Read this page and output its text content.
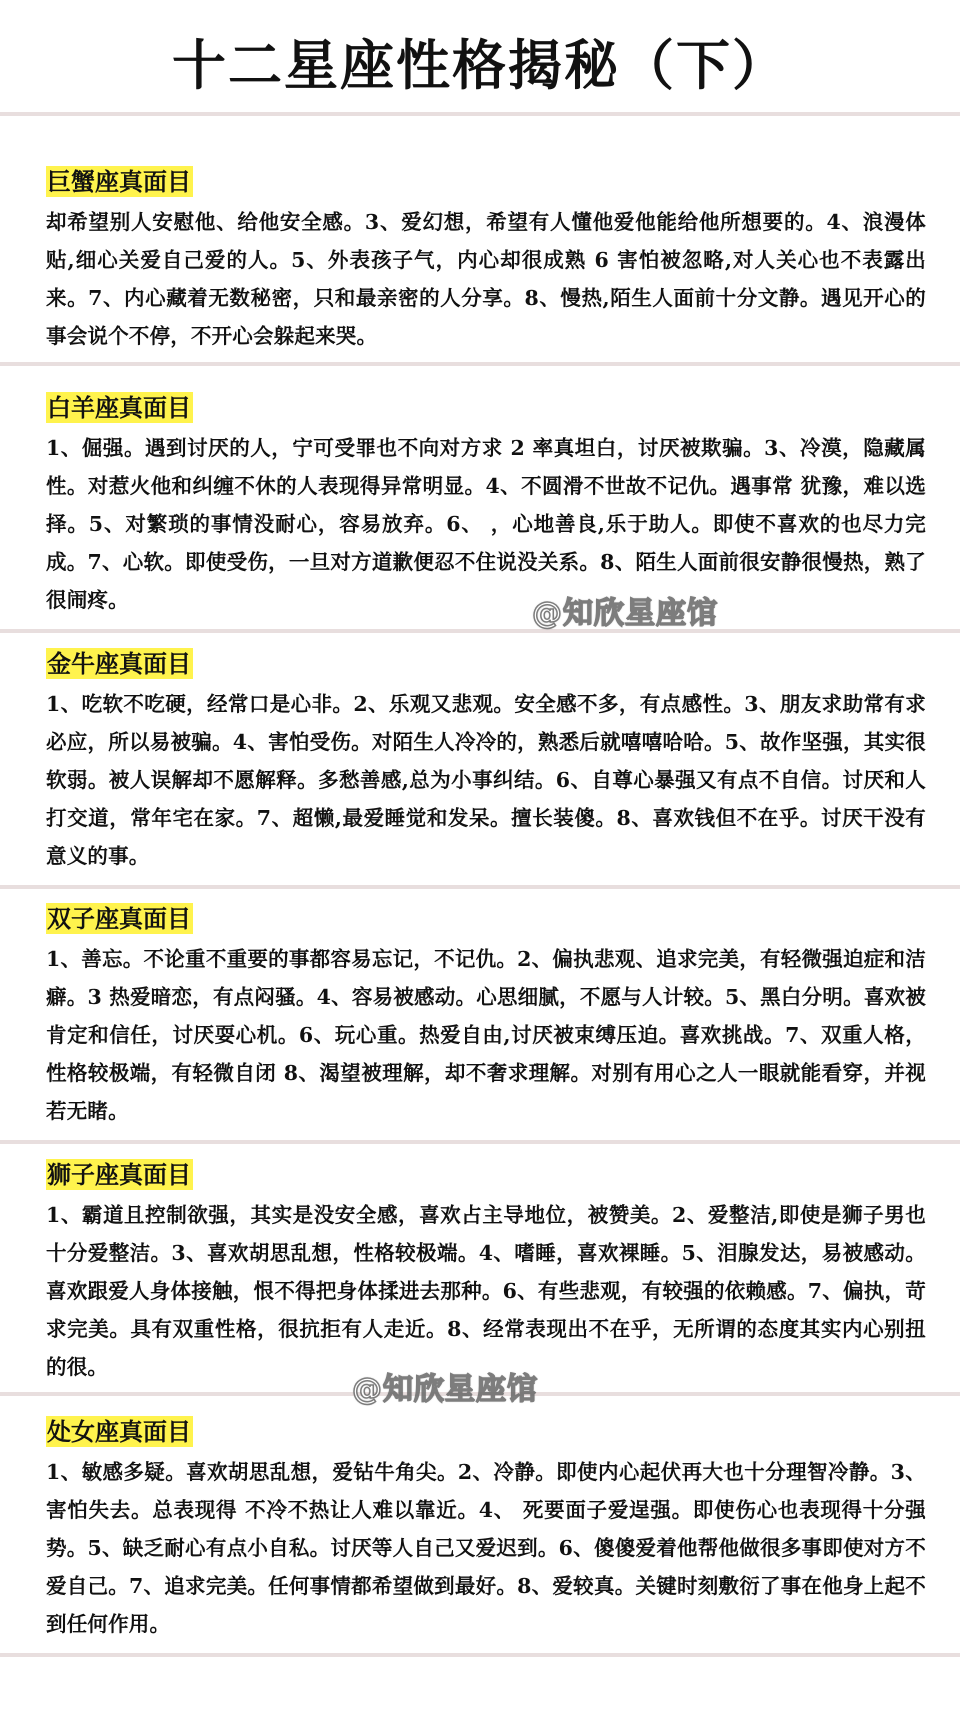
十二星座性格揭秘（下）
巨蟹座真面目
却希望别人安慰他、给他安全感。3、爱幻想，希望有人懂他爱他能给他所想要的。4、浪漫体贴,细心关爱自己爱的人。5、外表孩子气，内心却很成熟 6 害怕被忽略,对人关心也不表露出来。7、内心藏着无数秘密，只和最亲密的人分享。8、慢热,陌生人面前十分文静。遇见开心的事会说个不停，不开心会躲起来哭。
白羊座真面目
1、倔强。遇到讨厌的人，宁可受罪也不向对方求 2 率真坦白，讨厌被欺骗。3、冷漠，隐藏属性。对惹火他和纠缠不休的人表现得异常明显。4、不圆滑不世故不记仇。遇事常 犹豫，难以选择。5、对繁琐的事情没耐心，容易放弃。6、 ，心地善良,乐于助人。即使不喜欢的也尽力完成。7、心软。即使受伤，一旦对方道歉便忍不住说没关系。8、陌生人面前很安静很慢热，熟了很闹疼。
金牛座真面目
1、吃软不吃硬，经常口是心非。2、乐观又悲观。安全感不多，有点感性。3、朋友求助常有求必应，所以易被骗。4、害怕受伤。对陌生人冷冷的，熟悉后就嘻嘻哈哈。5、故作坚强，其实很软弱。被人误解却不愿解释。多愁善感,总为小事纠结。6、自尊心暴强又有点不自信。讨厌和人打交道，常年宅在家。7、超懒,最爱睡觉和发呆。擅长装傻。8、喜欢钱但不在乎。讨厌干没有意义的事。
双子座真面目
1、善忘。不论重不重要的事都容易忘记，不记仇。2、偏执悲观、追求完美，有轻微强迫症和洁癖。3 热爱暗恋，有点闷骚。4、容易被感动。心思细腻，不愿与人计较。5、黑白分明。喜欢被肯定和信任，讨厌耍心机。6、玩心重。热爱自由,讨厌被束缚压迫。喜欢挑战。7、双重人格，性格较极端，有轻微自闭 8、渴望被理解，却不奢求理解。对别有用心之人一眼就能看穿，并视若无睹。
狮子座真面目
1、霸道且控制欲强，其实是没安全感，喜欢占主导地位，被赞美。2、爱整洁,即使是狮子男也十分爱整洁。3、喜欢胡思乱想，性格较极端。4、嗜睡，喜欢裸睡。5、泪腺发达，易被感动。喜欢跟爱人身体接触，恨不得把身体揉进去那种。6、有些悲观，有较强的依赖感。7、偏执，苛求完美。具有双重性格，很抗拒有人走近。8、经常表现出不在乎，无所谓的态度其实内心别扭的很。
处女座真面目
1、敏感多疑。喜欢胡思乱想，爱钻牛角尖。2、冷静。即使内心起伏再大也十分理智冷静。3、害怕失去。总表现得 不冷不热让人难以靠近。4、 死要面子爱逞强。即使伤心也表现得十分强势。5、缺乏耐心有点小自私。讨厌等人自己又爱迟到。6、傻傻爱着他帮他做很多事即使对方不爱自己。7、追求完美。任何事情都希望做到最好。8、爱较真。关键时刻敷衍了事在他身上起不到任何作用。
@知欣星座馆
@知欣星座馆
